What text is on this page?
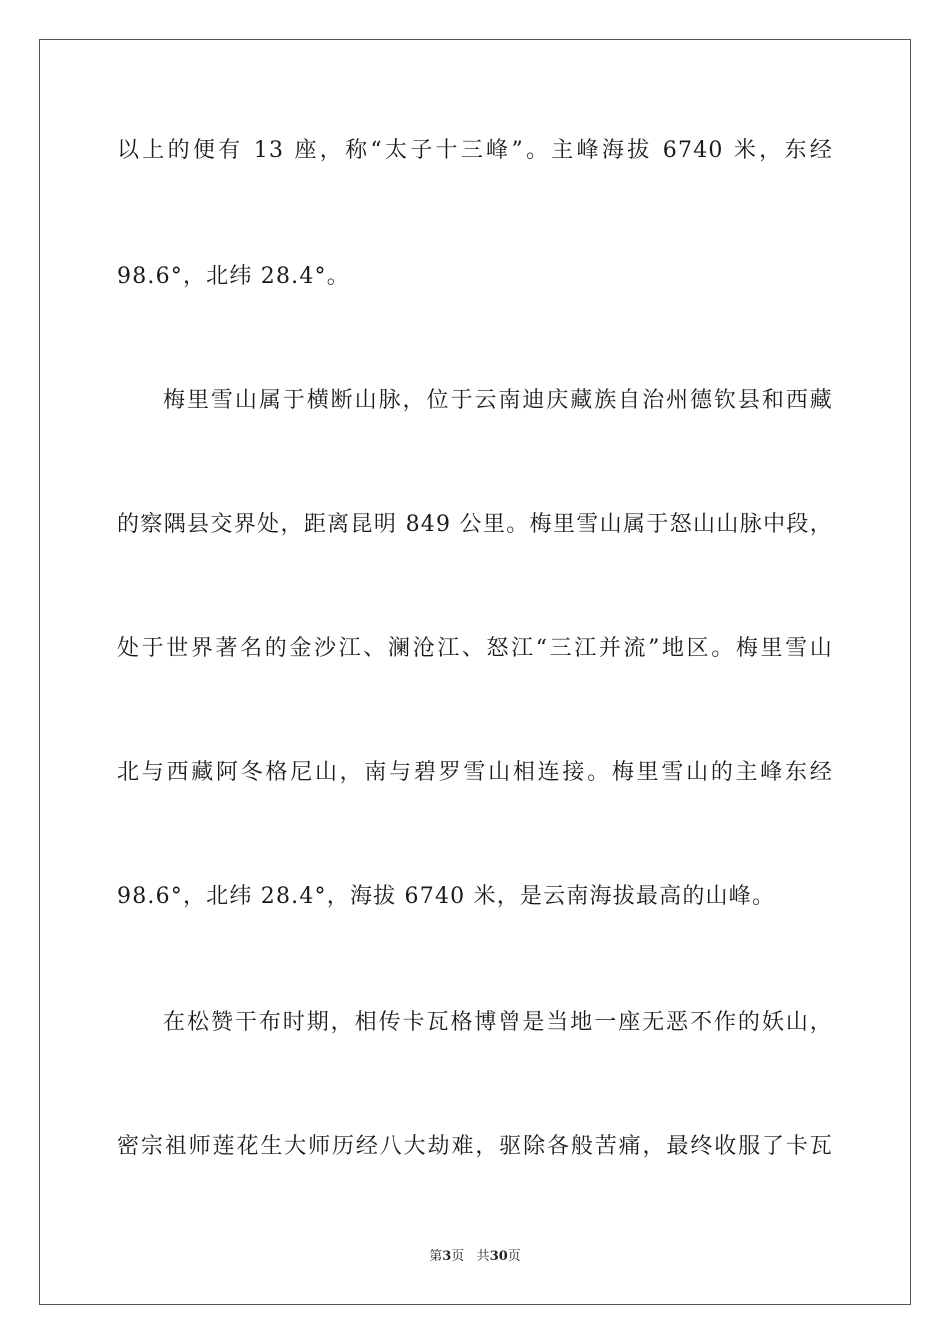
以上的便有 13 座，称“太子十三峰”。主峰海拔 6740 米，东经
98.6°，北纬 28.4°。
梅里雪山属于横断山脉，位于云南迪庆藏族自治州德钦县和西藏
的察隅县交界处，距离昆明 849 公里。梅里雪山属于怒山山脉中段，
处于世界著名的金沙江、澜沧江、怒江“三江并流”地区。梅里雪山
北与西藏阿冬格尼山，南与碧罗雪山相连接。梅里雪山的主峰东经
98.6°，北纬 28.4°，海拔 6740 米，是云南海拔最高的山峰。
在松赞干布时期，相传卡瓦格博曾是当地一座无恶不作的妖山，
密宗祖师莲花生大师历经八大劫难，驱除各般苦痛，最终收服了卡瓦
第3页 共30页
